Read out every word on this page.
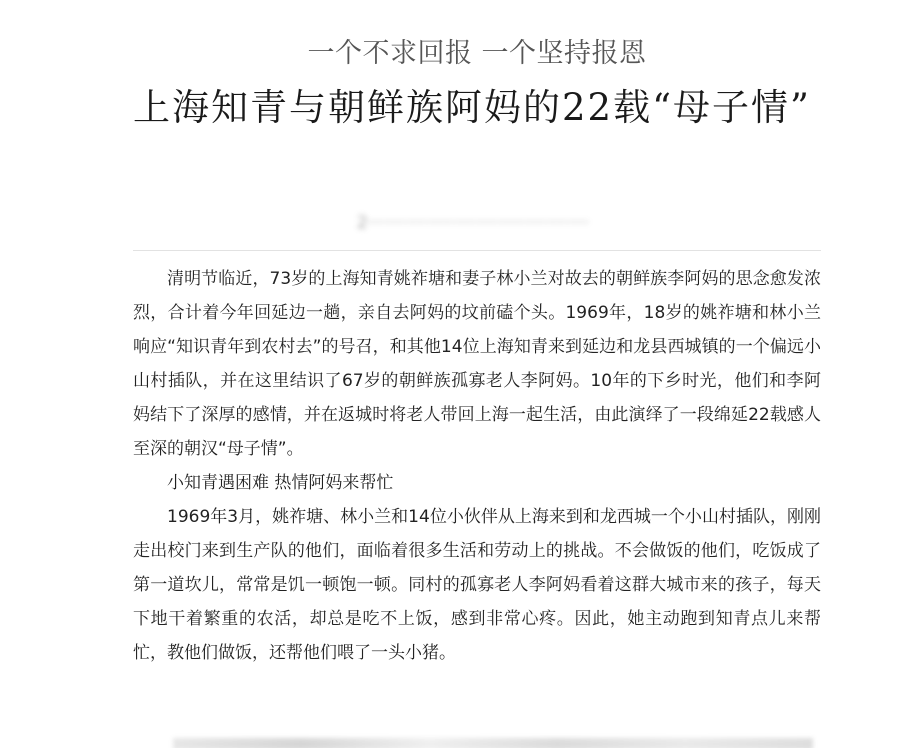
一个不求回报 一个坚持报恩
上海知青与朝鲜族阿妈的22载“母子情”
2·········································

清明节临近，73岁的上海知青姚祚塘和妻子林小兰对故去的朝鲜族李阿妈的思念愈发浓烈，合计着今年回延边一趟，亲自去阿妈的坟前磕个头。1969年，18岁的姚祚塘和林小兰响应“知识青年到农村去”的号召，和其他14位上海知青来到延边和龙县西城镇的一个偏远小山村插队，并在这里结识了67岁的朝鲜族孤寡老人李阿妈。10年的下乡时光，他们和李阿妈结下了深厚的感情，并在返城时将老人带回上海一起生活，由此演绎了一段绵延22载感人至深的朝汉“母子情”。

小知青遇困难 热情阿妈来帮忙

1969年3月，姚祚塘、林小兰和14位小伙伴从上海来到和龙西城一个小山村插队，刚刚走出校门来到生产队的他们，面临着很多生活和劳动上的挑战。不会做饭的他们，吃饭成了第一道坎儿，常常是饥一顿饱一顿。同村的孤寡老人李阿妈看着这群大城市来的孩子，每天下地干着繁重的农活，却总是吃不上饭，感到非常心疼。因此，她主动跑到知青点儿来帮忙，教他们做饭，还帮他们喂了一头小猪。
